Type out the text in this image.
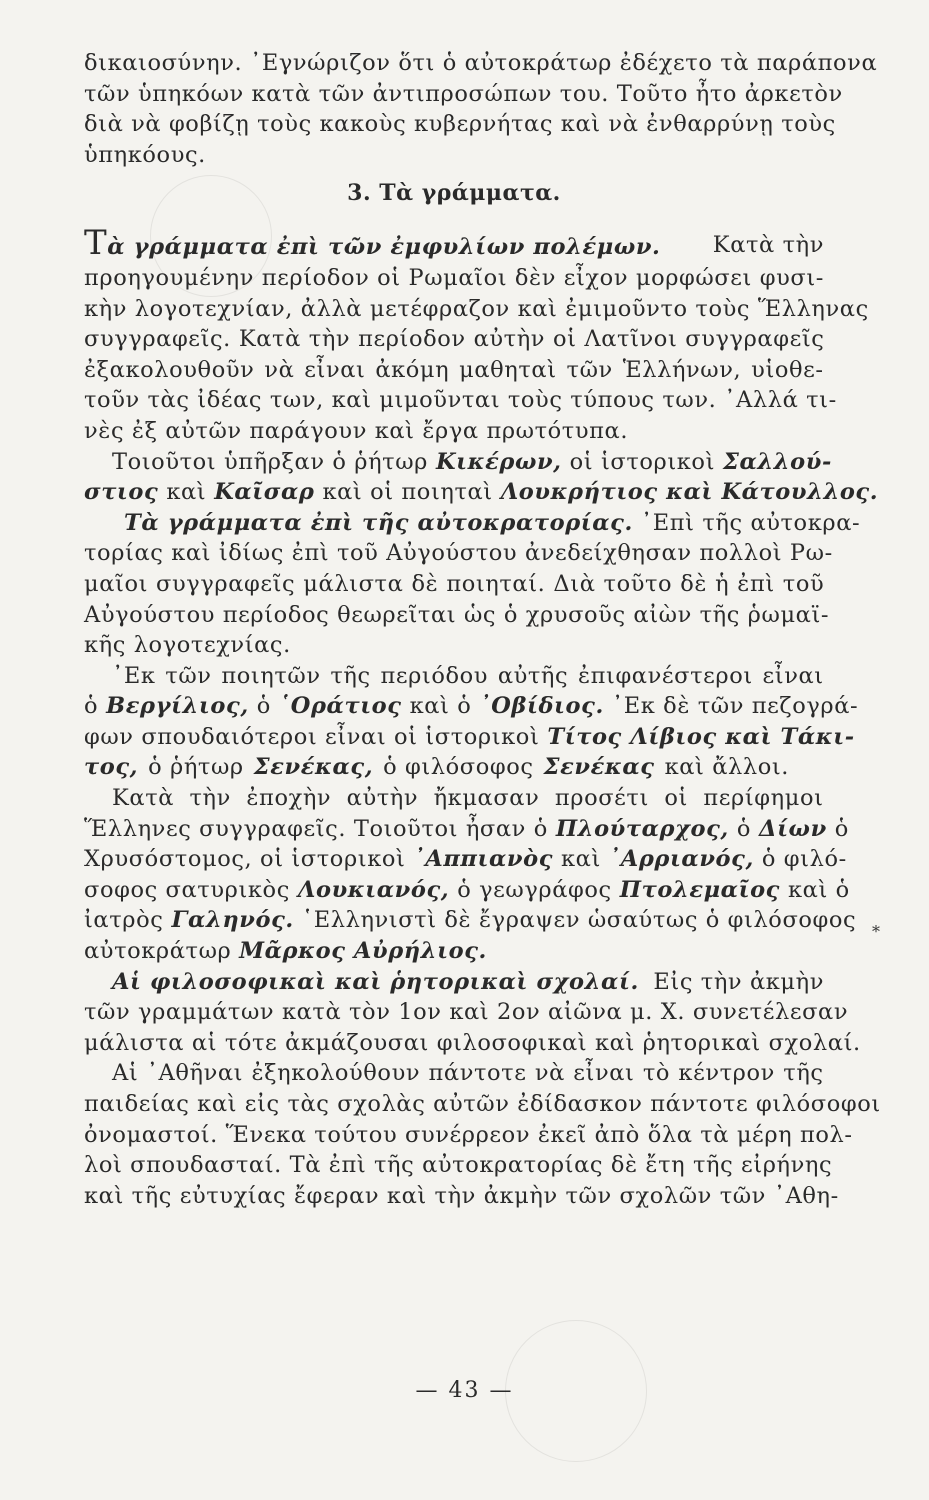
δικαιοσύνην. ᾿Εγνώριζον ὅτι ὁ αὐτοκράτωρ ἐδέχετο τὰ παράπονα
τῶν ὑπηκόων κατὰ τῶν ἀντιπροσώπων του. Τοῦτο ἦτο ἀρκετὸν
διὰ νὰ φοβίζῃ τοὺς κακοὺς κυβερνήτας καὶ νὰ ἐνθαρρύνῃ τοὺς
ὑπηκόους.
3. Τὰ γράμματα.
Τὰ γράμματα ἐπὶ τῶν ἐμφυλίων πολέμων. Κατὰ τὴν
προηγουμένην περίοδον οἱ Ρωμαῖοι δὲν εἶχον μορφώσει φυσι-
κὴν λογοτεχνίαν, ἀλλὰ μετέφραζον καὶ ἐμιμοῦντο τοὺς Ἕλληνας
συγγραφεῖς. Κατὰ τὴν περίοδον αὐτὴν οἱ Λατῖνοι συγγραφεῖς
ἐξακολουθοῦν νὰ εἶναι ἀκόμη μαθηταὶ τῶν Ἑλλήνων, υἱοθε-
τοῦν τὰς ἰδέας των, καὶ μιμοῦνται τοὺς τύπους των. ᾿Αλλά τι-
νὲς ἐξ αὐτῶν παράγουν καὶ ἔργα πρωτότυπα.
Τοιοῦτοι ὑπῆρξαν ὁ ῥήτωρ Κικέρων, οἱ ἱστορικοὶ Σαλλού-
στιος καὶ Καῖσαρ καὶ οἱ ποιηταὶ Λουκρήτιος καὶ Κάτουλλος.
Τὰ γράμματα ἐπὶ τῆς αὐτοκρατορίας. ᾿Επὶ τῆς αὐτοκρα-
τορίας καὶ ἰδίως ἐπὶ τοῦ Αὐγούστου ἀνεδείχθησαν πολλοὶ Ρω-
μαῖοι συγγραφεῖς μάλιστα δὲ ποιηταί. Διὰ τοῦτο δὲ ἡ ἐπὶ τοῦ
Αὐγούστου περίοδος θεωρεῖται ὡς ὁ χρυσοῦς αἰὼν τῆς ῥωμαϊ-
κῆς λογοτεχνίας.
᾿Εκ τῶν ποιητῶν τῆς περιόδου αὐτῆς ἐπιφανέστεροι εἶναι
ὁ Βεργίλιος, ὁ ῾Οράτιος καὶ ὁ ᾿Οβίδιος. ᾿Εκ δὲ τῶν πεζογρά-
φων σπουδαιότεροι εἶναι οἱ ἱστορικοὶ Τίτος Λίβιος καὶ Τάκι-
τος, ὁ ῥήτωρ Σενέκας, ὁ φιλόσοφος Σενέκας καὶ ἄλλοι.
Κατὰ τὴν ἐποχὴν αὐτὴν ἤκμασαν προσέτι οἱ περίφημοι
Ἕλληνες συγγραφεῖς. Τοιοῦτοι ἦσαν ὁ Πλούταρχος, ὁ Δίων ὁ
Χρυσόστομος, οἱ ἱστορικοὶ ᾿Αππιανὸς καὶ ᾿Αρριανός, ὁ φιλό-
σοφος σατυρικὸς Λουκιανός, ὁ γεωγράφος Πτολεμαῖος καὶ ὁ
ἰατρὸς Γαληνός. ῾Ελληνιστὶ δὲ ἔγραψεν ὡσαύτως ὁ φιλόσοφος
αὐτοκράτωρ Μᾶρκος Αὐρήλιος.
Αἱ φιλοσοφικαὶ καὶ ῥητορικαὶ σχολαί. Εἰς τὴν ἀκμὴν
τῶν γραμμάτων κατὰ τὸν 1ον καὶ 2ον αἰῶνα μ. Χ. συνετέλεσαν
μάλιστα αἱ τότε ἀκμάζουσαι φιλοσοφικαὶ καὶ ῥητορικαὶ σχολαί.
Αἱ ᾿Αθῆναι ἐξηκολούθουν πάντοτε νὰ εἶναι τὸ κέντρον τῆς
παιδείας καὶ εἰς τὰς σχολὰς αὐτῶν ἐδίδασκον πάντοτε φιλόσοφοι
ὀνομαστοί. Ἕνεκα τούτου συνέρρεον ἐκεῖ ἀπὸ ὅλα τὰ μέρη πολ-
λοὶ σπουδασταί. Τὰ ἐπὶ τῆς αὐτοκρατορίας δὲ ἔτη τῆς εἰρήνης
καὶ τῆς εὐτυχίας ἔφεραν καὶ τὴν ἀκμὴν τῶν σχολῶν τῶν ᾿Αθη-
*
— 43 —
